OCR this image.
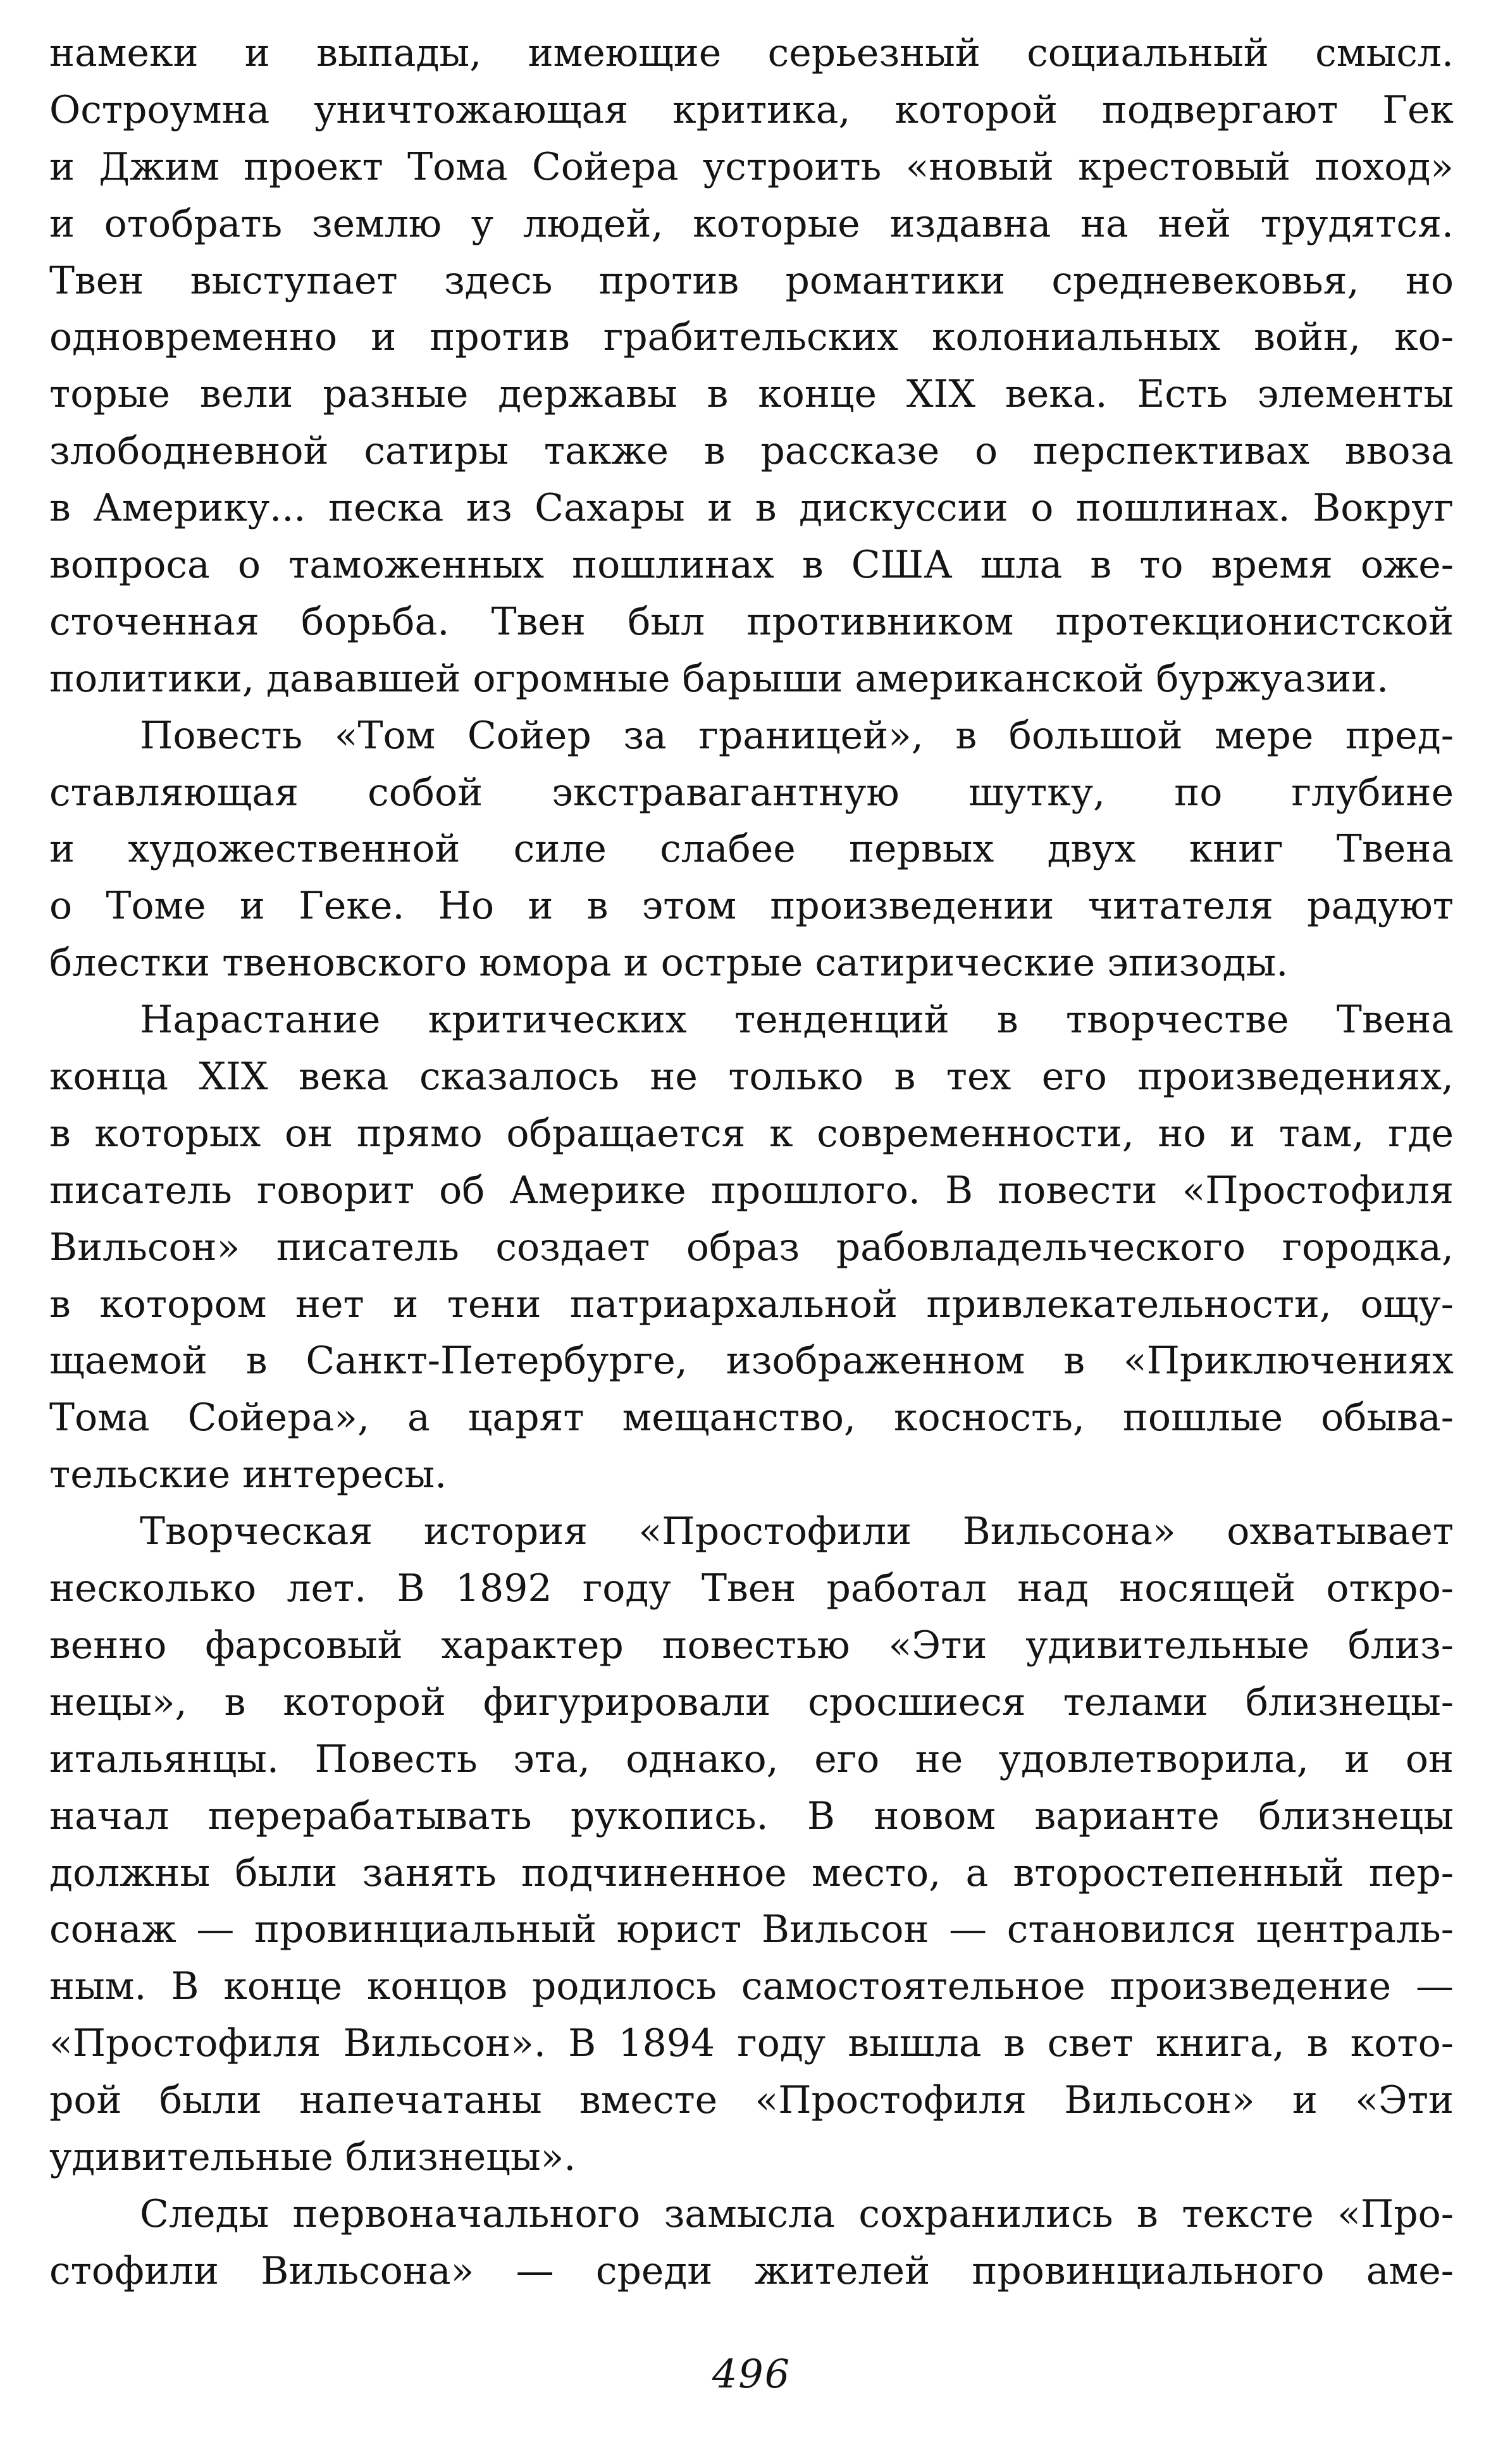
намеки и выпады, имеющие серьезный социальный смысл.
Остроумна уничтожающая критика, которой подвергают Гек
и Джим проект Тома Сойера устроить «новый крестовый поход»
и отобрать землю у людей, которые издавна на ней трудятся.
Твен выступает здесь против романтики средневековья, но
одновременно и против грабительских колониальных войн, ко-
торые вели разные державы в конце XIX века. Есть элементы
злободневной сатиры также в рассказе о перспективах ввоза
в Америку... песка из Сахары и в дискуссии о пошлинах. Вокруг
вопроса о таможенных пошлинах в США шла в то время оже-
сточенная борьба. Твен был противником протекционистской
политики, дававшей огромные барыши американской буржуазии.
Повесть «Том Сойер за границей», в большой мере пред-
ставляющая собой экстравагантную шутку, по глубине
и художественной силе слабее первых двух книг Твена
о Томе и Геке. Но и в этом произведении читателя радуют
блестки твеновского юмора и острые сатирические эпизоды.
Нарастание критических тенденций в творчестве Твена
конца XIX века сказалось не только в тех его произведениях,
в которых он прямо обращается к современности, но и там, где
писатель говорит об Америке прошлого. В повести «Простофиля
Вильсон» писатель создает образ рабовладельческого городка,
в котором нет и тени патриархальной привлекательности, ощу-
щаемой в Санкт-Петербурге, изображенном в «Приключениях
Тома Сойера», а царят мещанство, косность, пошлые обыва-
тельские интересы.
Творческая история «Простофили Вильсона» охватывает
несколько лет. В 1892 году Твен работал над носящей откро-
венно фарсовый характер повестью «Эти удивительные близ-
нецы», в которой фигурировали сросшиеся телами близнецы-
итальянцы. Повесть эта, однако, его не удовлетворила, и он
начал перерабатывать рукопись. В новом варианте близнецы
должны были занять подчиненное место, а второстепенный пер-
сонаж — провинциальный юрист Вильсон — становился централь-
ным. В конце концов родилось самостоятельное произведение —
«Простофиля Вильсон». В 1894 году вышла в свет книга, в кото-
рой были напечатаны вместе «Простофиля Вильсон» и «Эти
удивительные близнецы».
Следы первоначального замысла сохранились в тексте «Про-
стофили Вильсона» — среди жителей провинциального аме-
496
